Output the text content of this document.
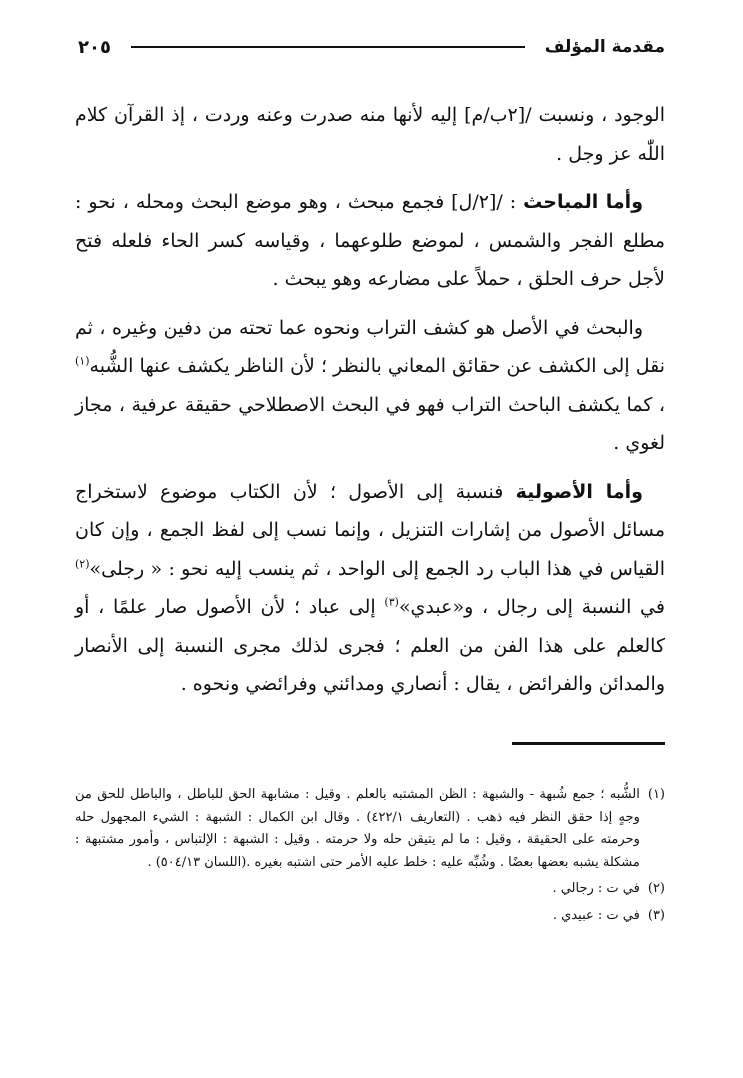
مقدمة المؤلف
٢٠٥

الوجود ، ونسبت /[٢ب/م] إليه لأنها منه صدرت وعنه وردت ، إذ القرآن كلام اللّٰه عز وجل .

وأما المباحث : /[٢/ل] فجمع مبحث ، وهو موضع البحث ومحله ، نحو : مطلع الفجر والشمس ، لموضع طلوعهما ، وقياسه كسر الحاء فلعله فتح لأجل حرف الحلق ، حملاً على مضارعه وهو يبحث .

والبحث في الأصل هو كشف التراب ونحوه عما تحته من دفين وغيره ، ثم نقل إلى الكشف عن حقائق المعاني بالنظر ؛ لأن الناظر يكشف عنها الشُّبه$^{(١)}$ ، كما يكشف الباحث التراب فهو في البحث الاصطلاحي حقيقة عرفية ، مجاز لغوي .

وأما الأصولية فنسبة إلى الأصول ؛ لأن الكتاب موضوع لاستخراج مسائل الأصول من إشارات التنزيل ، وإنما نسب إلى لفظ الجمع ، وإن كان القياس في هذا الباب رد الجمع إلى الواحد ، ثم ينسب إليه نحو : « رجلى»$^{(٢)}$ في النسبة إلى رجال ، و«عبدي»$^{(٣)}$ إلى عباد ؛ لأن الأصول صار علمًا ، أو كالعلم على هذا الفن من العلم ؛ فجرى لذلك مجرى النسبة إلى الأنصار والمدائن والفرائض ، يقال : أنصاري ومدائني وفرائضي ونحوه .

(١)
الشُّبه ؛ جمع شُبهة - والشبهة : الظن المشتبه بالعلم . وقيل : مشابهة الحق للباطل ، والباطل للحق من وجهٍ إذا حقق النظر فيه ذهب . (التعاريف ٤٢٢/١) . وقال ابن الكمال : الشبهة : الشيء المجهول حله وحرمته على الحقيقة ، وقيل : ما لم يتيقن حله ولا حرمته . وقيل : الشبهة : الإلتباس ، وأمور مشتبهة : مشكلة يشبه بعضها بعضًا . وشُبِّه عليه : خلط عليه الأمر حتى اشتبه بغيره .(اللسان ٥٠٤/١٣) .
(٢)
في ت : رجالي .
(٣)
في ت : عبيدي .
